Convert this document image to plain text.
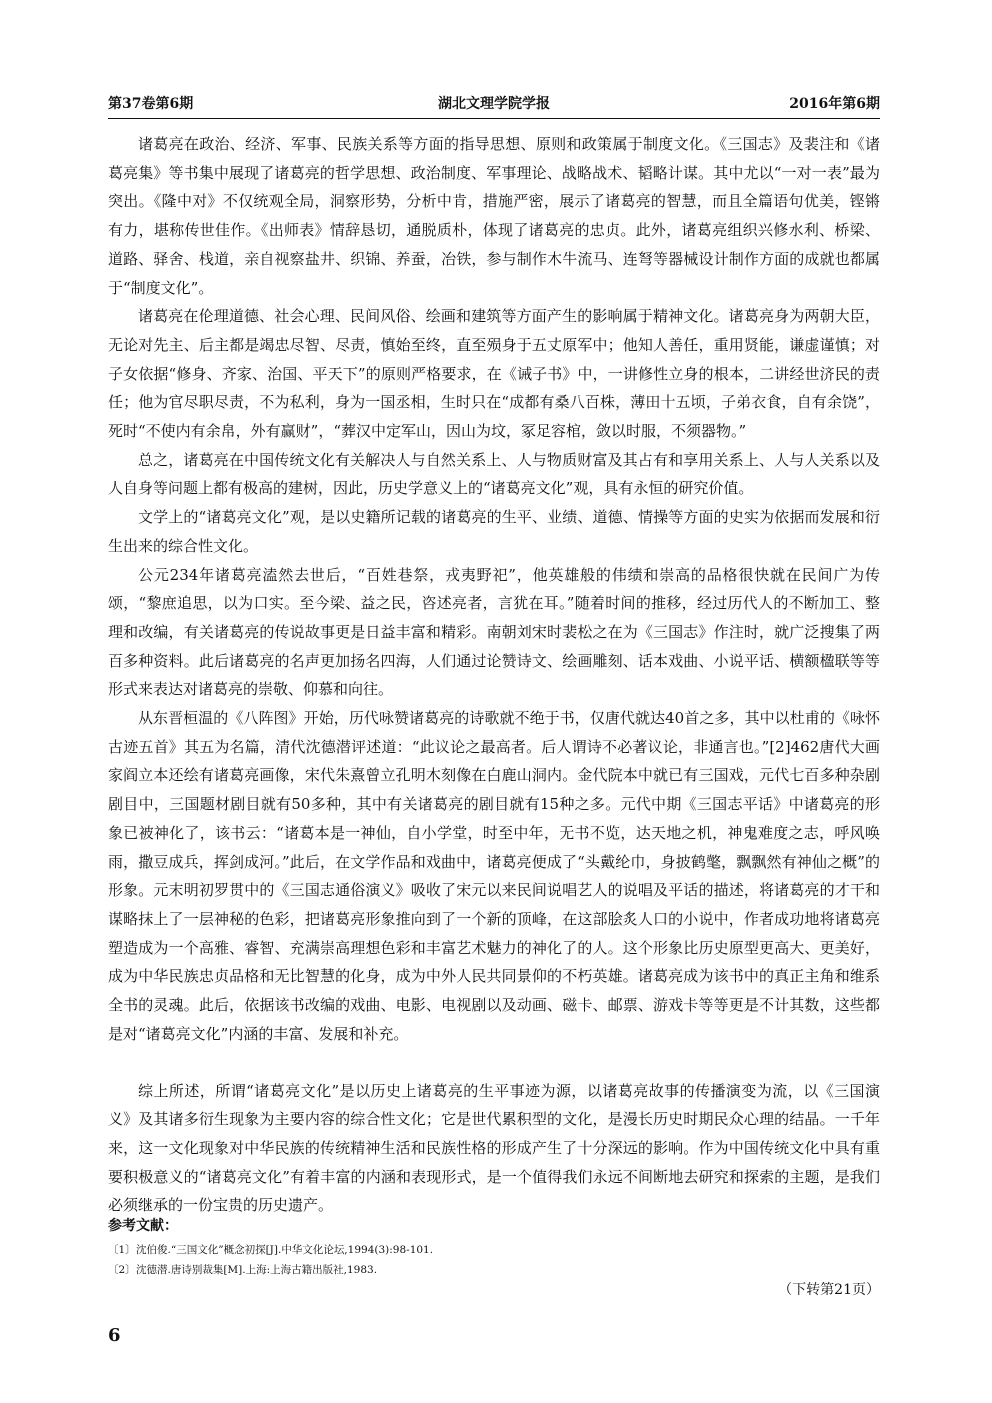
第37卷第6期	湖北文理学院学报	2016年第6期

诸葛亮在政治、经济、军事、民族关系等方面的指导思想、原则和政策属于制度文化。《三国志》及裴注和《诸葛亮集》等书集中展现了诸葛亮的哲学思想、政治制度、军事理论、战略战术、韬略计谋。其中尤以“一对一表”最为突出。《隆中对》不仅统观全局，洞察形势，分析中肯，措施严密，展示了诸葛亮的智慧，而且全篇语句优美，铿锵有力，堪称传世佳作。《出师表》情辞恳切，通脱质朴，体现了诸葛亮的忠贞。此外，诸葛亮组织兴修水利、桥梁、道路、驿舍、栈道，亲自视察盐井、织锦、养蚕，冶铁，参与制作木牛流马、连弩等器械设计制作方面的成就也都属于“制度文化”。

诸葛亮在伦理道德、社会心理、民间风俗、绘画和建筑等方面产生的影响属于精神文化。诸葛亮身为两朝大臣，无论对先主、后主都是竭忠尽智、尽责，慎始至终，直至殒身于五丈原军中；他知人善任，重用贤能，谦虚谨慎；对子女依据“修身、齐家、治国、平天下”的原则严格要求，在《诫子书》中，一讲修性立身的根本，二讲经世济民的责任；他为官尽职尽责，不为私利，身为一国丞相，生时只在“成都有桑八百株，薄田十五顷，子弟衣食，自有余饶”，死时“不使内有余帛，外有赢财”，“葬汉中定军山，因山为坟，冢足容棺，敛以时服，不须器物。”

总之，诸葛亮在中国传统文化有关解决人与自然关系上、人与物质财富及其占有和享用关系上、人与人关系以及人自身等问题上都有极高的建树，因此，历史学意义上的“诸葛亮文化”观，具有永恒的研究价值。

文学上的“诸葛亮文化”观，是以史籍所记载的诸葛亮的生平、业绩、道德、情操等方面的史实为依据而发展和衍生出来的综合性文化。

公元234年诸葛亮溘然去世后，“百姓巷祭，戎夷野祀”，他英雄般的伟绩和崇高的品格很快就在民间广为传颂，“黎庶追思，以为口实。至今梁、益之民，咨述亮者，言犹在耳。”随着时间的推移，经过历代人的不断加工、整理和改编，有关诸葛亮的传说故事更是日益丰富和精彩。南朝刘宋时裴松之在为《三国志》作注时，就广泛搜集了两百多种资料。此后诸葛亮的名声更加扬名四海，人们通过论赞诗文、绘画雕刻、话本戏曲、小说平话、横额楹联等等形式来表达对诸葛亮的崇敬、仰慕和向往。

从东晋桓温的《八阵图》开始，历代咏赞诸葛亮的诗歌就不绝于书，仅唐代就达40首之多，其中以杜甫的《咏怀古迹五首》其五为名篇，清代沈德潜评述道：“此议论之最高者。后人谓诗不必著议论，非通言也。”[2]462唐代大画家阎立本还绘有诸葛亮画像，宋代朱熹曾立孔明木刻像在白鹿山洞内。金代院本中就已有三国戏，元代七百多种杂剧剧目中，三国题材剧目就有50多种，其中有关诸葛亮的剧目就有15种之多。元代中期《三国志平话》中诸葛亮的形象已被神化了，该书云：“诸葛本是一神仙，自小学堂，时至中年，无书不览，达天地之机，神鬼难度之志，呼风唤雨，撒豆成兵，挥剑成河。”此后，在文学作品和戏曲中，诸葛亮便成了“头戴纶巾，身披鹤氅，飘飘然有神仙之概”的形象。元末明初罗贯中的《三国志通俗演义》吸收了宋元以来民间说唱艺人的说唱及平话的描述，将诸葛亮的才干和谋略抹上了一层神秘的色彩，把诸葛亮形象推向到了一个新的顶峰，在这部脍炙人口的小说中，作者成功地将诸葛亮塑造成为一个高雅、睿智、充满崇高理想色彩和丰富艺术魅力的神化了的人。这个形象比历史原型更高大、更美好，成为中华民族忠贞品格和无比智慧的化身，成为中外人民共同景仰的不朽英雄。诸葛亮成为该书中的真正主角和维系全书的灵魂。此后，依据该书改编的戏曲、电影、电视剧以及动画、磁卡、邮票、游戏卡等等更是不计其数，这些都是对“诸葛亮文化”内涵的丰富、发展和补充。

综上所述，所谓“诸葛亮文化”是以历史上诸葛亮的生平事迹为源，以诸葛亮故事的传播演变为流，以《三国演义》及其诸多衍生现象为主要内容的综合性文化；它是世代累积型的文化，是漫长历史时期民众心理的结晶。一千年来，这一文化现象对中华民族的传统精神生活和民族性格的形成产生了十分深远的影响。作为中国传统文化中具有重要积极意义的“诸葛亮文化”有着丰富的内涵和表现形式，是一个值得我们永远不间断地去研究和探索的主题，是我们必须继承的一份宝贵的历史遗产。

参考文献：
〔1〕 沈伯俊.“三国文化”概念初探[J].中华文化论坛,1994(3):98-101.
〔2〕 沈德潜.唐诗别裁集[M].上海:上海古籍出版社,1983.
（下转第21页）
6
